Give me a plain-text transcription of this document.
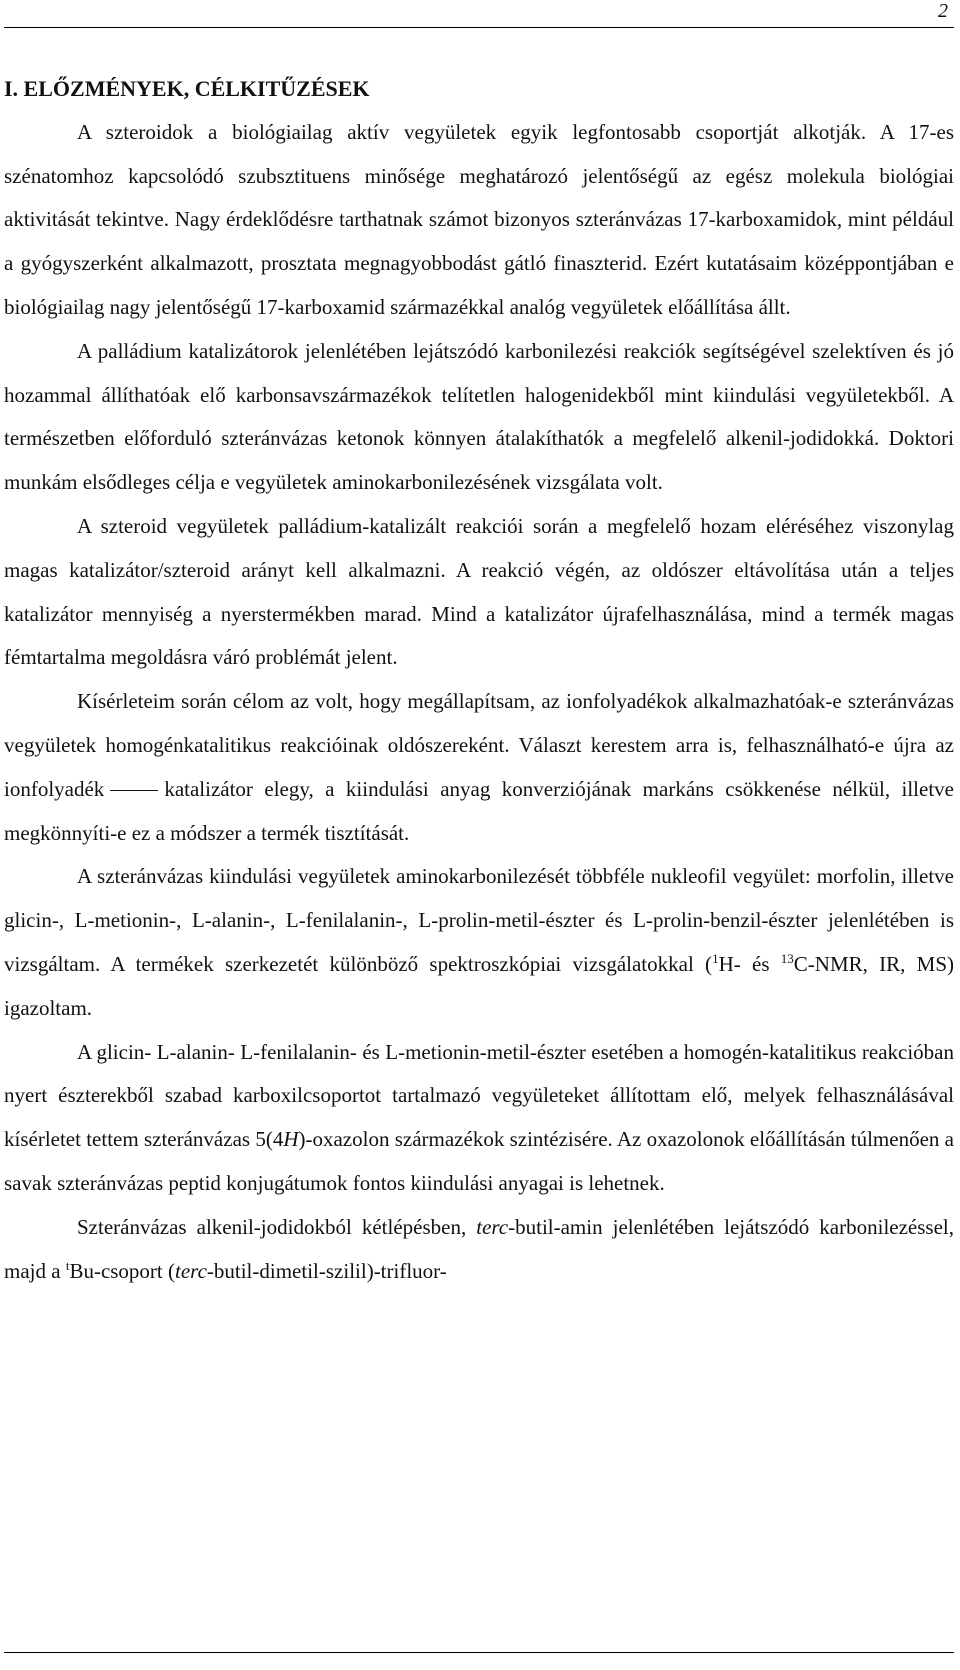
2
I. ELŐZMÉNYEK, CÉLKITŰZÉSEK

A szteroidok a biológiailag aktív vegyületek egyik legfontosabb csoportját alkotják. A 17-es szénatomhoz kapcsolódó szubsztituens minősége meghatározó jelentőségű az egész molekula biológiai aktivitását tekintve. Nagy érdeklődésre tarthatnak számot bizonyos szteránvázas 17-karboxamidok, mint például a gyógyszerként alkalmazott, prosztata megnagyobbodást gátló finaszterid. Ezért kutatásaim középpontjában e biológiailag nagy jelentőségű 17-karboxamid származékkal analóg vegyületek előállítása állt.

A palládium katalizátorok jelenlétében lejátszódó karbonilezési reakciók segítségével szelektíven és jó hozammal állíthatóak elő karbonsavszármazékok telítetlen halogenidekből mint kiindulási vegyületekből. A természetben előforduló szteránvázas ketonok könnyen átalakíthatók a megfelelő alkenil-jodidokká. Doktori munkám elsődleges célja e vegyületek aminokarbonilezésének vizsgálata volt.

A szteroid vegyületek palládium-katalizált reakciói során a megfelelő hozam eléréséhez viszonylag magas katalizátor/szteroid arányt kell alkalmazni. A reakció végén, az oldószer eltávolítása után a teljes katalizátor mennyiség a nyerstermékben marad. Mind a katalizátor újrafelhasználása, mind a termék magas fémtartalma megoldásra váró problémát jelent.

Kísérleteim során célom az volt, hogy megállapítsam, az ionfolyadékok alkalmazhatóak-e szteránvázas vegyületek homogénkatalitikus reakcióinak oldószereként. Választ kerestem arra is, felhasználható-e újra az ionfolyadék	katalizátor elegy, a kiindulási anyag konverziójának markáns csökkenése nélkül, illetve megkönnyíti-e ez a módszer a termék tisztítását.

A szteránvázas kiindulási vegyületek aminokarbonilezését többféle nukleofil vegyület: morfolin, illetve glicin-, L-metionin-, L-alanin-, L-fenilalanin-, L-prolin-metil-észter és L-prolin-benzil-észter jelenlétében is vizsgáltam. A termékek szerkezetét különböző spektroszkópiai vizsgálatokkal ($^1$H- és $^{13}$C-NMR, IR, MS) igazoltam.

A glicin- L-alanin- L-fenilalanin- és L-metionin-metil-észter esetében a homogén-katalitikus reakcióban nyert észterekből szabad karboxilcsoportot tartalmazó vegyületeket állítottam elő, melyek felhasználásával kísérletet tettem szteránvázas 5(4H)-oxazolon származékok szintézisére. Az oxazolonok előállításán túlmenően a savak szteránvázas peptid konjugátumok fontos kiindulási anyagai is lehetnek.

Szteránvázas alkenil-jodidokból kétlépésben, terc-butil-amin jelenlétében lejátszódó karbonilezéssel, majd a $^t$Bu-csoport (terc-butil-dimetil-szilil)-trifluor-
